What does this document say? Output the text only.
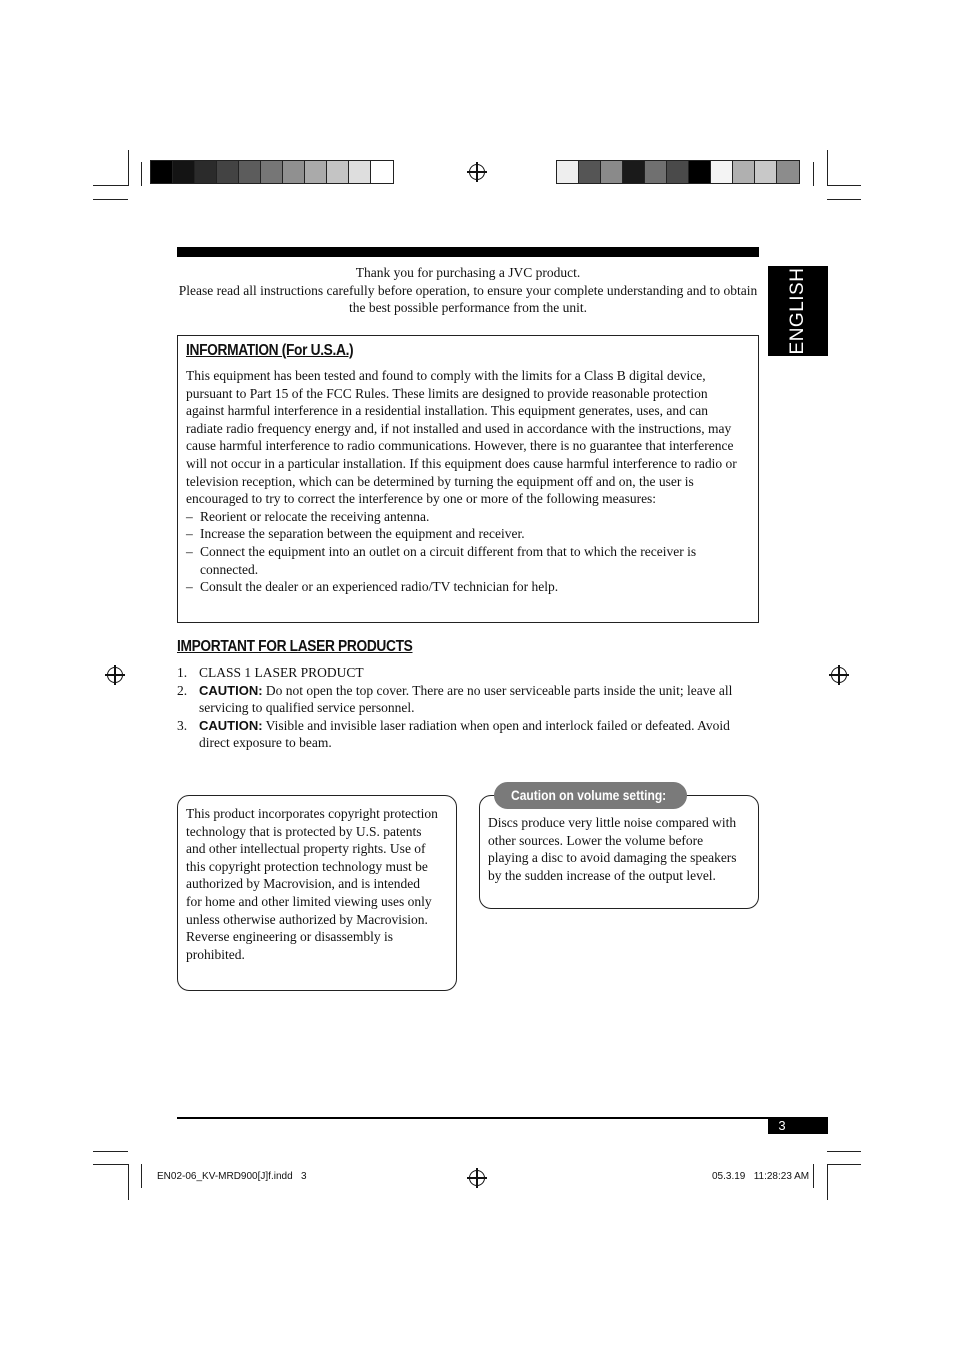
ENGLISH
Thank you for purchasing a JVC product.
Please read all instructions carefully before operation, to ensure your complete understanding and to obtain the best possible performance from the unit.
INFORMATION (For U.S.A.)
This equipment has been tested and found to comply with the limits for a Class B digital device, pursuant to Part 15 of the FCC Rules. These limits are designed to provide reasonable protection against harmful interference in a residential installation. This equipment generates, uses, and can radiate radio frequency energy and, if not installed and used in accordance with the instructions, may cause harmful interference to radio communications. However, there is no guarantee that interference will not occur in a particular installation. If this equipment does cause harmful interference to radio or television reception, which can be determined by turning the equipment off and on, the user is encouraged to try to correct the interference by one or more of the following measures:
– Reorient or relocate the receiving antenna.
– Increase the separation between the equipment and receiver.
– Connect the equipment into an outlet on a circuit different from that to which the receiver is connected.
– Consult the dealer or an experienced radio/TV technician for help.
IMPORTANT FOR LASER PRODUCTS
1. CLASS 1 LASER PRODUCT
2. CAUTION: Do not open the top cover. There are no user serviceable parts inside the unit; leave all servicing to qualified service personnel.
3. CAUTION: Visible and invisible laser radiation when open and interlock failed or defeated. Avoid direct exposure to beam.
This product incorporates copyright protection technology that is protected by U.S. patents and other intellectual property rights. Use of this copyright protection technology must be authorized by Macrovision, and is intended for home and other limited viewing uses only unless otherwise authorized by Macrovision. Reverse engineering or disassembly is prohibited.
Discs produce very little noise compared with other sources. Lower the volume before playing a disc to avoid damaging the speakers by the sudden increase of the output level.
Caution on volume setting:
3
EN02-06_KV-MRD900[J]f.indd   3	05.3.19   11:28:23 AM
